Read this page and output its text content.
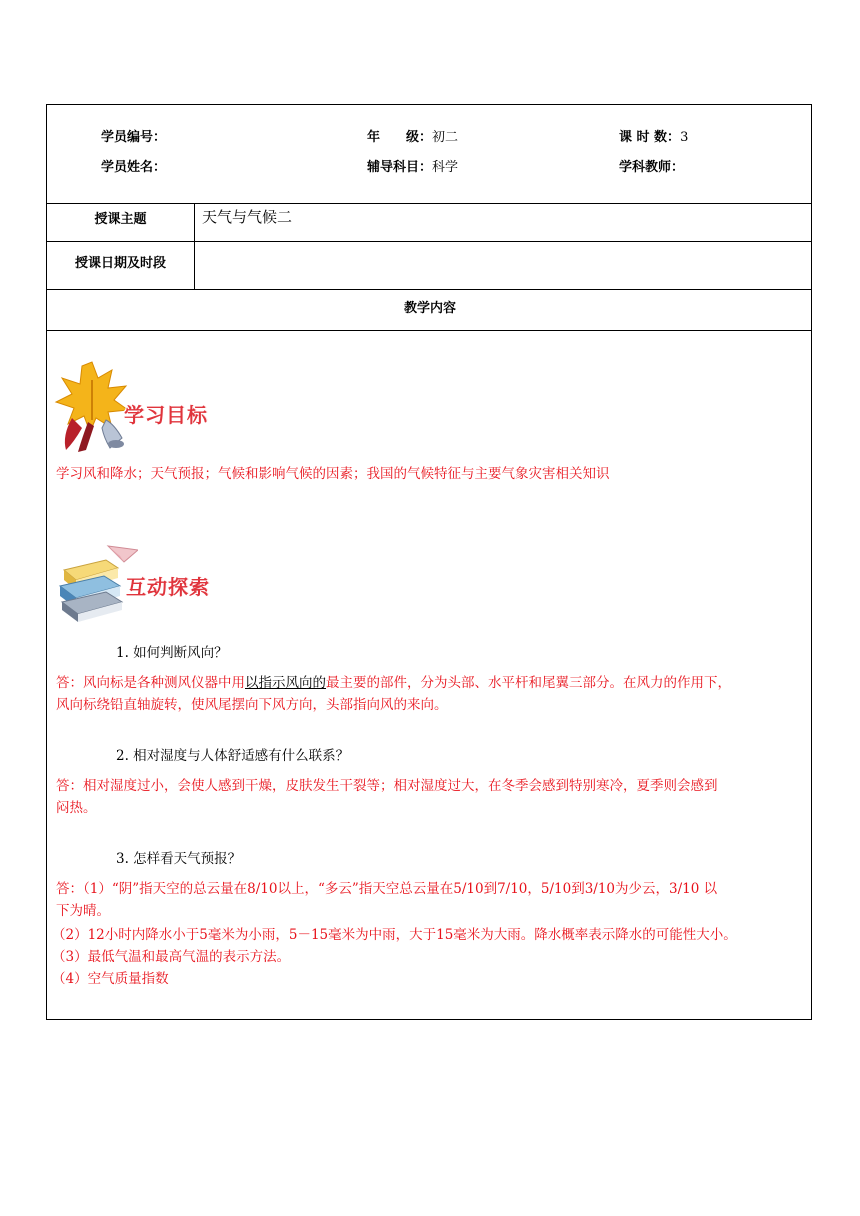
学员编号：	年　　级：初二	课 时 数：3
学员姓名：	辅导科目：科学	学科教师：
授课主题	天气与气候二
授课日期及时段
教学内容
学习目标
学习风和降水；天气预报；气候和影响气候的因素；我国的气候特征与主要气象灾害相关知识
互动探索
1. 如何判断风向？
答：风向标是各种测风仪器中用以指示风向的最主要的部件，分为头部、水平杆和尾翼三部分。在风力的作用下，
风向标绕铅直轴旋转，使风尾摆向下风方向，头部指向风的来向。
2. 相对湿度与人体舒适感有什么联系？
答：相对湿度过小，会使人感到干燥，皮肤发生干裂等；相对湿度过大，在冬季会感到特别寒冷，夏季则会感到
闷热。
3. 怎样看天气预报？
答：（1）“阴”指天空的总云量在8/10以上，“多云”指天空总云量在5/10到7/10，5/10到3/10为少云，3/10 以
下为晴。
（2）12小时内降水小于5毫米为小雨，5－15毫米为中雨，大于15毫米为大雨。降水概率表示降水的可能性大小。
（3）最低气温和最高气温的表示方法。
（4）空气质量指数
